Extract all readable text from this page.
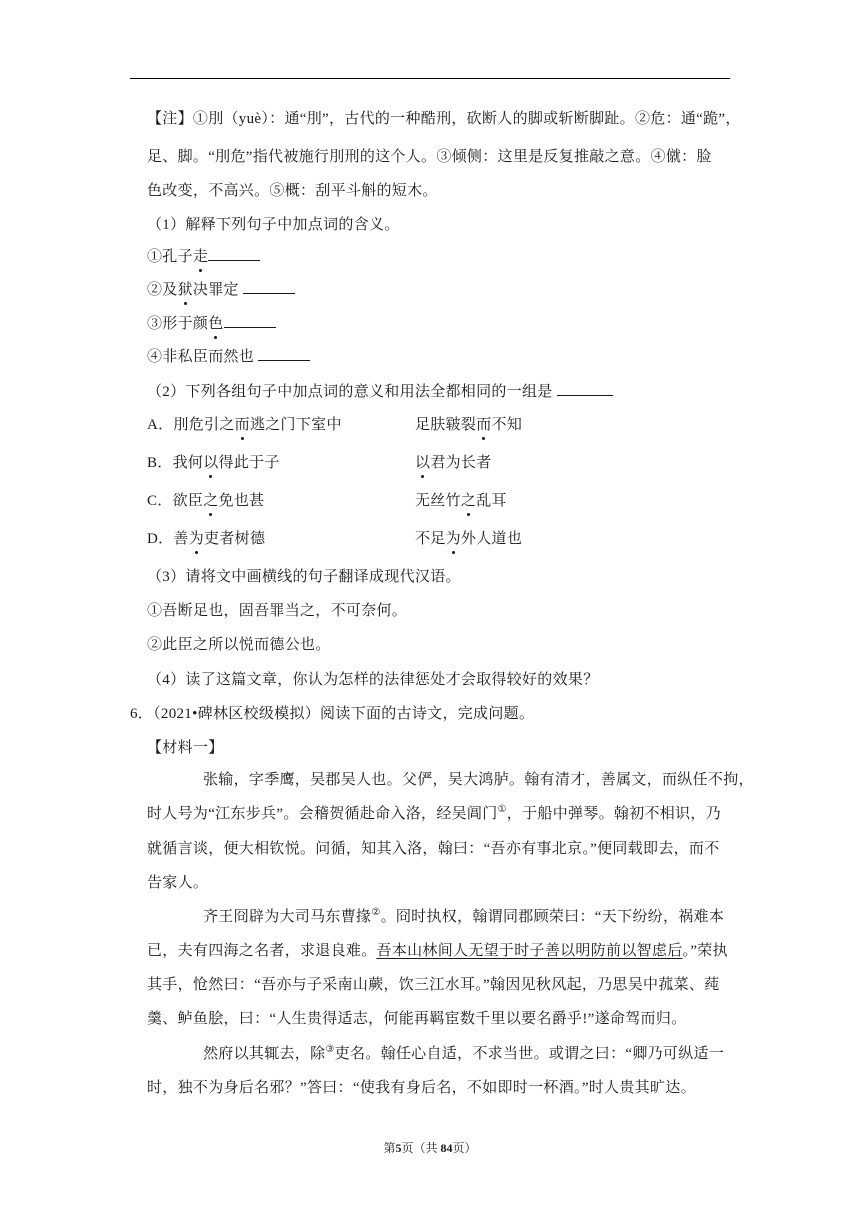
【注】①刖（yuè）：通“刖”，古代的一种酷刑，砍断人的脚或斩断脚趾。②危：通“跪”，
足、脚。“刖危”指代被施行刖刑的这个人。③倾侧：这里是反复推敲之意。④僦：脸
色改变，不高兴。⑤概：刮平斗斛的短木。
（1）解释下列句子中加点词的含义。
①孔子走
②及狱决罪定
③形于颜色
④非私臣而然也
（2）下列各组句子中加点词的意义和用法全都相同的一组是
A．刖危引之而逃之门下室中	足肤皲裂而不知
B．我何以得此于子	以君为长者
C．欲臣之免也甚	无丝竹之乱耳
D．善为吏者树德	不足为外人道也
（3）请将文中画横线的句子翻译成现代汉语。
①吾断足也，固吾罪当之，不可奈何。
②此臣之所以悦而德公也。
（4）读了这篇文章，你认为怎样的法律惩处才会取得较好的效果？
6．（2021•碑林区校级模拟）阅读下面的古诗文，完成问题。
【材料一】
张输，字季鹰，吴郡吴人也。父俨，吴大鸿胪。翰有清才，善属文，而纵任不拘，
时人号为“江东步兵”。会稽贺循赴命入洛，经吴阊门①，于船中弹琴。翰初不相识，乃
就循言谈，便大相钦悦。问循，知其入洛，翰曰：“吾亦有事北京。”便同载即去，而不
告家人。
齐王冏辟为大司马东曹掾②。冏时执权，翰谓同郡顾荣曰：“天下纷纷，祸难本
已，夫有四海之名者，求退良难。吾本山林间人无望于时子善以明防前以智虑后。”荣执
其手，怆然曰：“吾亦与子采南山蕨，饮三江水耳。”翰因见秋风起，乃思吴中菰菜、莼
羹、鲈鱼脍，曰：“人生贵得适志，何能再羁宦数千里以要名爵乎!”遂命驾而归。
然府以其辄去，除③吏名。翰任心自适，不求当世。或谓之曰：“卿乃可纵适一
时，独不为身后名邪？”答曰：“使我有身后名，不如即时一杯酒。”时人贵其旷达。
第5页（共 84页）
